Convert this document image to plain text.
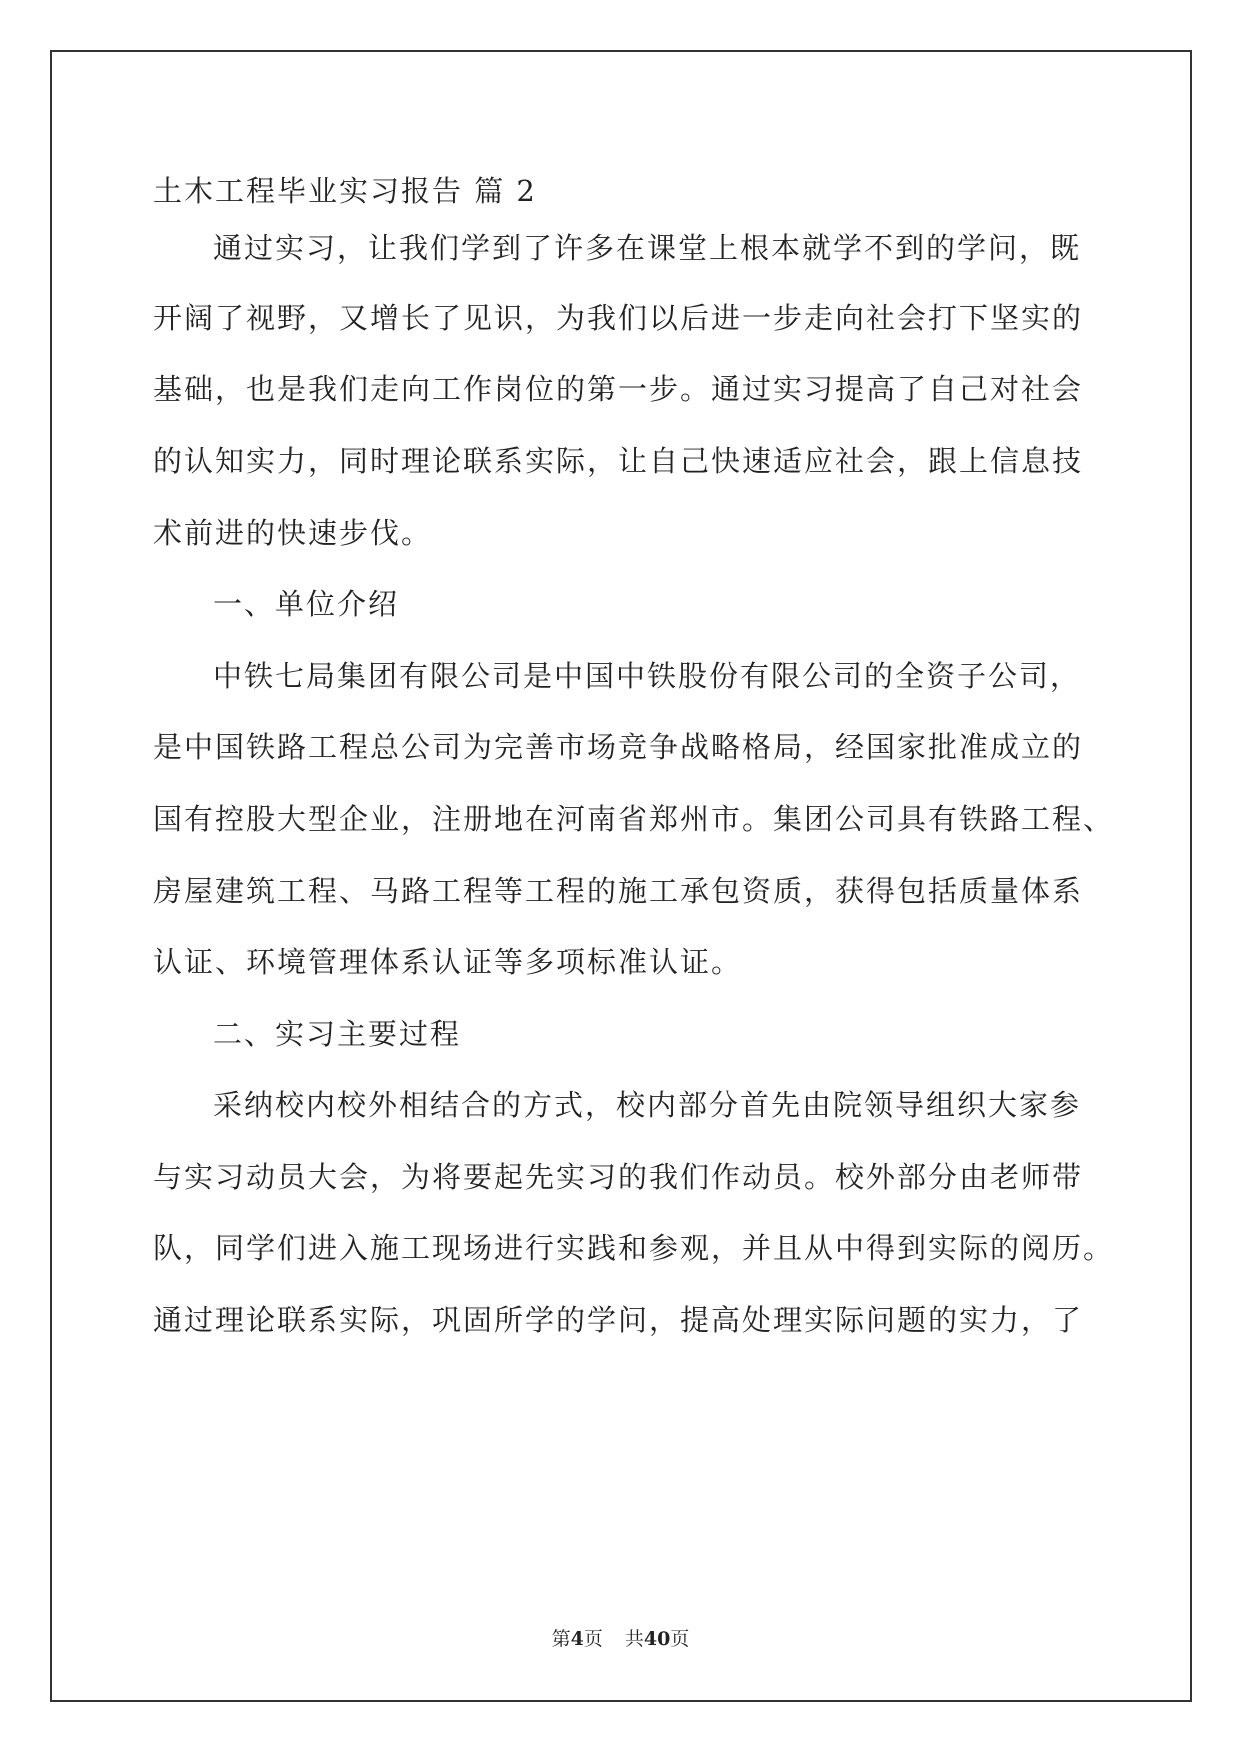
土木工程毕业实习报告 篇 2

通过实习，让我们学到了许多在课堂上根本就学不到的学问，既

开阔了视野，又增长了见识，为我们以后进一步走向社会打下坚实的

基础，也是我们走向工作岗位的第一步。通过实习提高了自己对社会

的认知实力，同时理论联系实际，让自己快速适应社会，跟上信息技

术前进的快速步伐。

一、单位介绍

中铁七局集团有限公司是中国中铁股份有限公司的全资子公司，

是中国铁路工程总公司为完善市场竞争战略格局，经国家批准成立的

国有控股大型企业，注册地在河南省郑州市。集团公司具有铁路工程、

房屋建筑工程、马路工程等工程的施工承包资质，获得包括质量体系

认证、环境管理体系认证等多项标准认证。

二、实习主要过程

采纳校内校外相结合的方式，校内部分首先由院领导组织大家参

与实习动员大会，为将要起先实习的我们作动员。校外部分由老师带

队，同学们进入施工现场进行实践和参观，并且从中得到实际的阅历。

通过理论联系实际，巩固所学的学问，提高处理实际问题的实力，了

第4页 共40页
